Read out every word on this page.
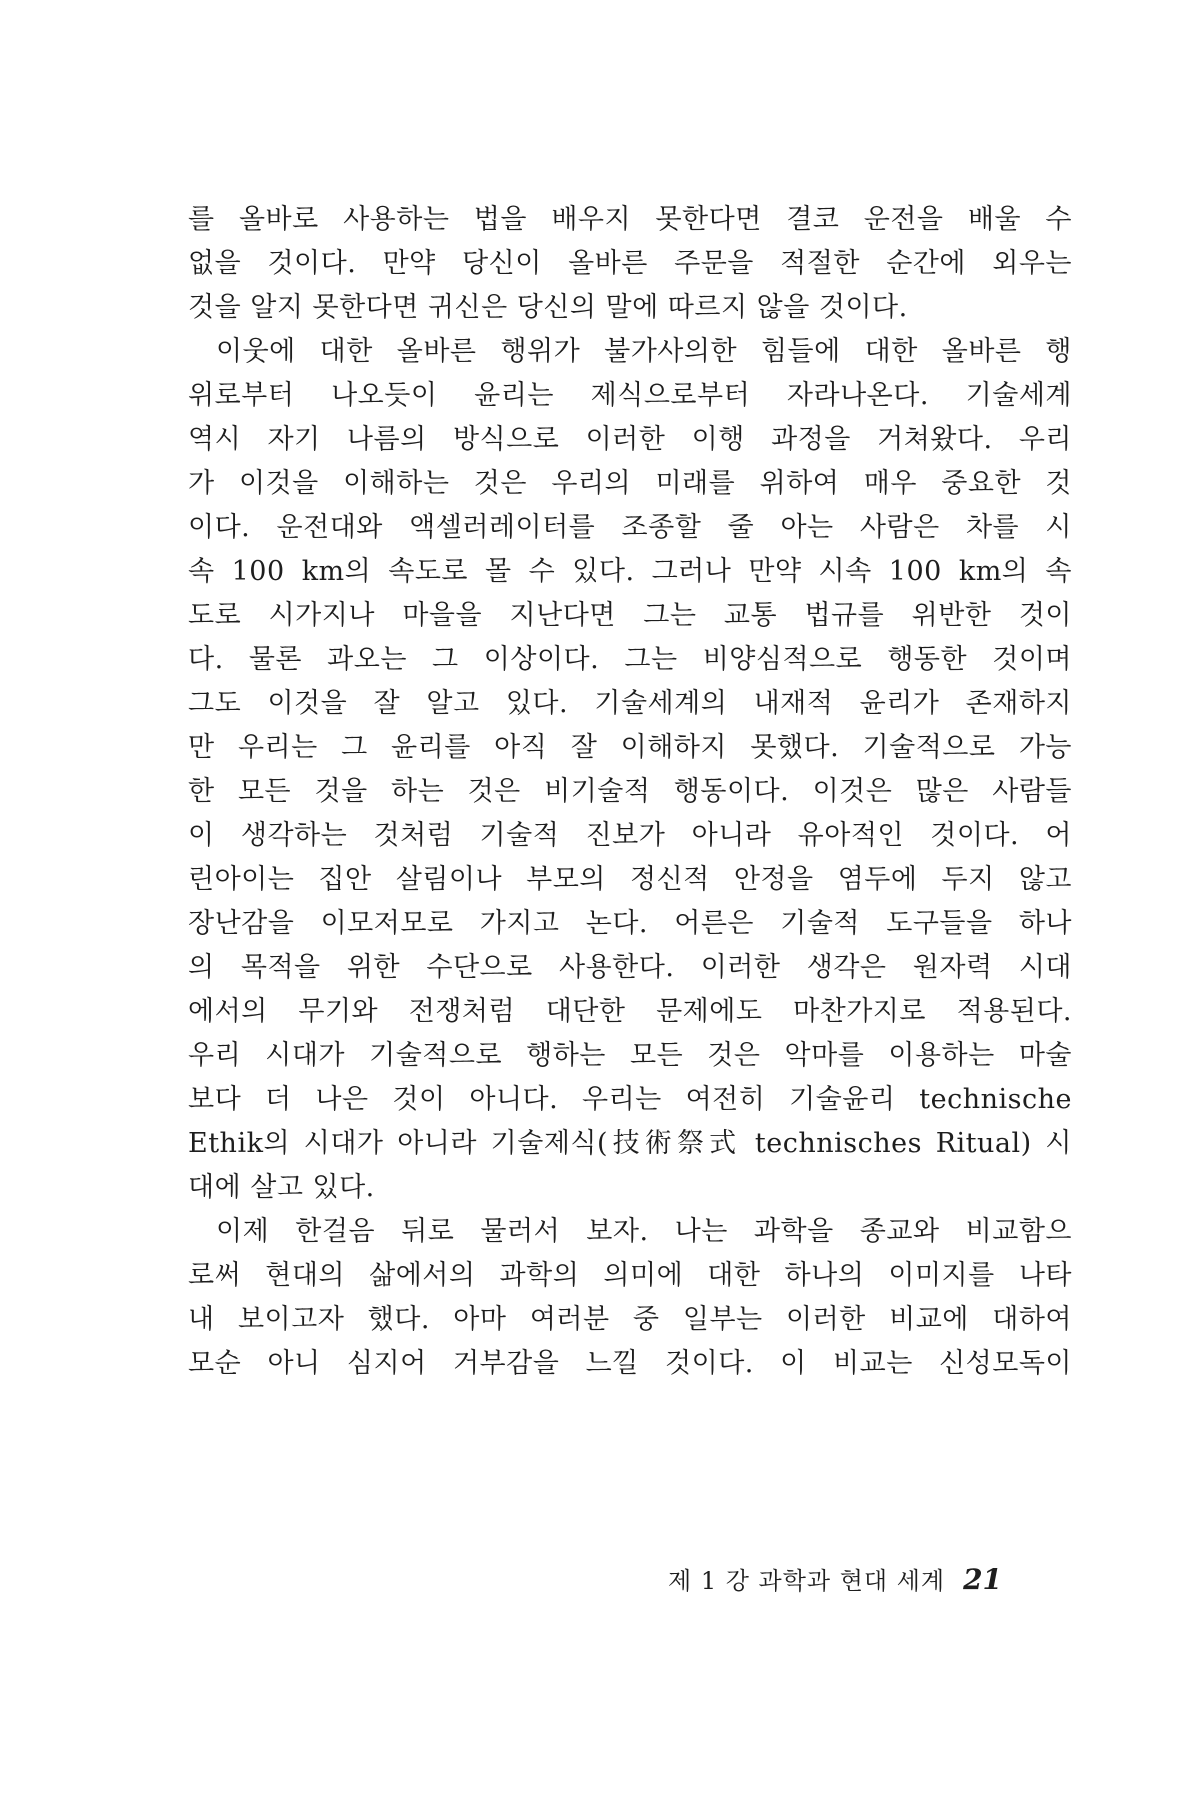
를 올바로 사용하는 법을 배우지 못한다면 결코 운전을 배울 수
없을 것이다. 만약 당신이 올바른 주문을 적절한 순간에 외우는
것을 알지 못한다면 귀신은 당신의 말에 따르지 않을 것이다.
이웃에 대한 올바른 행위가 불가사의한 힘들에 대한 올바른 행
위로부터 나오듯이 윤리는 제식으로부터 자라나온다. 기술세계
역시 자기 나름의 방식으로 이러한 이행 과정을 거쳐왔다. 우리
가 이것을 이해하는 것은 우리의 미래를 위하여 매우 중요한 것
이다. 운전대와 액셀러레이터를 조종할 줄 아는 사람은 차를 시
속 100 km의 속도로 몰 수 있다. 그러나 만약 시속 100 km의 속
도로 시가지나 마을을 지난다면 그는 교통 법규를 위반한 것이
다. 물론 과오는 그 이상이다. 그는 비양심적으로 행동한 것이며
그도 이것을 잘 알고 있다. 기술세계의 내재적 윤리가 존재하지
만 우리는 그 윤리를 아직 잘 이해하지 못했다. 기술적으로 가능
한 모든 것을 하는 것은 비기술적 행동이다. 이것은 많은 사람들
이 생각하는 것처럼 기술적 진보가 아니라 유아적인 것이다. 어
린아이는 집안 살림이나 부모의 정신적 안정을 염두에 두지 않고
장난감을 이모저모로 가지고 논다. 어른은 기술적 도구들을 하나
의 목적을 위한 수단으로 사용한다. 이러한 생각은 원자력 시대
에서의 무기와 전쟁처럼 대단한 문제에도 마찬가지로 적용된다.
우리 시대가 기술적으로 행하는 모든 것은 악마를 이용하는 마술
보다 더 나은 것이 아니다. 우리는 여전히 기술윤리 technische
Ethik의 시대가 아니라 기술제식(技術祭式 technisches Ritual) 시
대에 살고 있다.
이제 한걸음 뒤로 물러서 보자. 나는 과학을 종교와 비교함으
로써 현대의 삶에서의 과학의 의미에 대한 하나의 이미지를 나타
내 보이고자 했다. 아마 여러분 중 일부는 이러한 비교에 대하여
모순 아니 심지어 거부감을 느낄 것이다. 이 비교는 신성모독이
제 1 강 과학과 현대 세계 21
